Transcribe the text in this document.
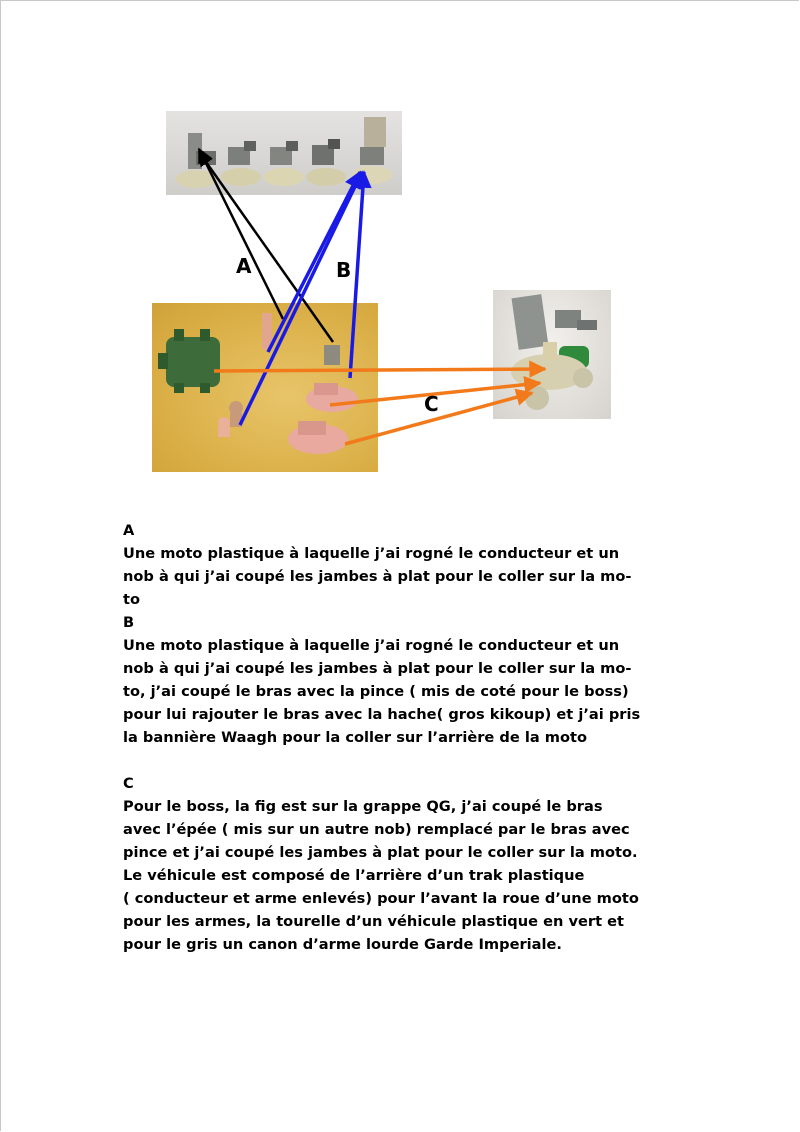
A	B
C

A

Une moto plastique à laquelle j’ai rogné le conducteur et un

nob à qui j’ai coupé les jambes à plat pour le coller sur la mo-

to

B

Une moto plastique à laquelle j’ai rogné le conducteur et un

nob à qui j’ai coupé les jambes à plat pour le coller sur la mo-

to, j’ai coupé le bras avec la pince ( mis de coté pour le boss)

pour lui rajouter le bras avec la hache( gros kikoup) et j’ai pris

la bannière Waagh pour la coller sur l’arrière de la moto

C

Pour le boss, la fig est sur la grappe QG, j’ai coupé le bras

avec l’épée ( mis sur un autre nob) remplacé par le bras avec

pince et j’ai coupé les jambes à plat pour le coller sur la moto.

Le véhicule est composé de l’arrière d’un trak plastique

( conducteur et arme enlevés) pour l’avant la roue d’une moto

pour les armes, la tourelle d’un véhicule plastique en vert et

pour le gris un canon d’arme lourde Garde Imperiale.
